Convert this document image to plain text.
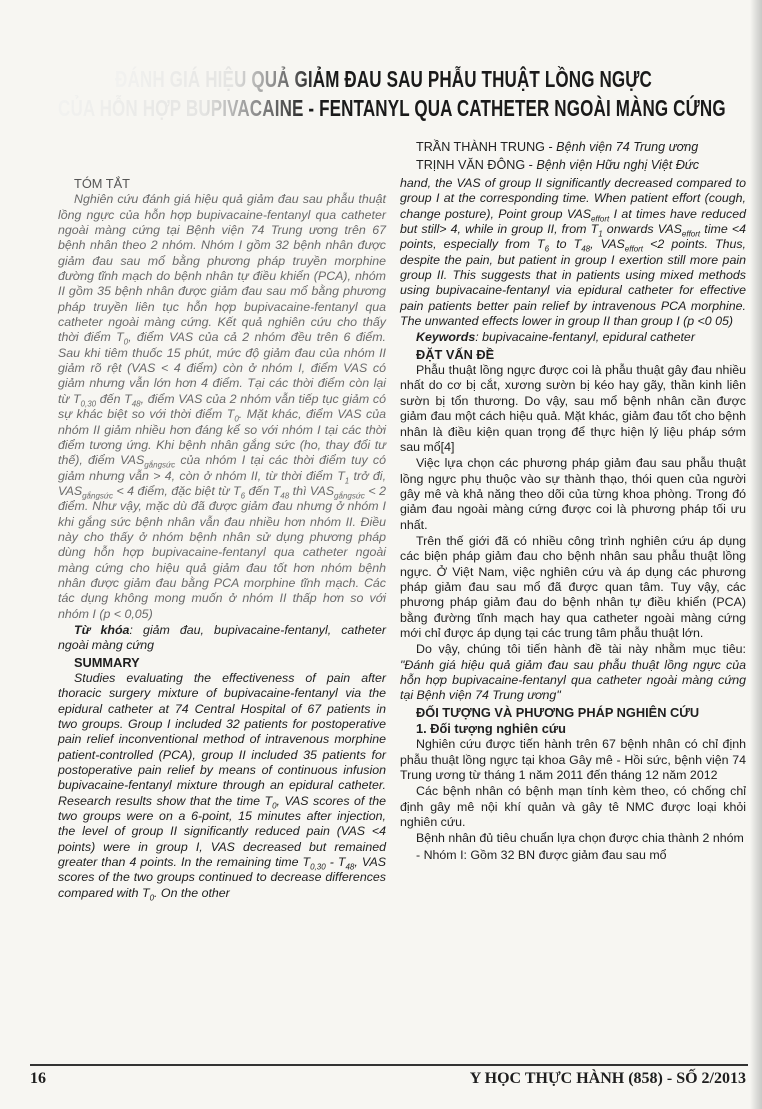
ĐÁNH GIÁ HIỆU QUẢ GIẢM ĐAU SAU PHẪU THUẬT LỒNG NGỰC
CỦA HỖN HỢP BUPIVACAINE - FENTANYL QUA CATHETER NGOÀI MÀNG CỨNG
TRẦN THÀNH TRUNG - Bệnh viện 74 Trung ương
TRỊNH VĂN ĐÔNG - Bệnh viện Hữu nghị Việt Đức

TÓM TẮT

Nghiên cứu đánh giá hiệu quả giảm đau sau phẫu thuật lồng ngực của hỗn hợp bupivacaine-fentanyl qua catheter ngoài màng cứng tại Bệnh viện 74 Trung ương trên 67 bệnh nhân theo 2 nhóm. Nhóm I gồm 32 bệnh nhân được giảm đau sau mổ bằng phương pháp truyền morphine đường tĩnh mạch do bệnh nhân tự điều khiển (PCA), nhóm II gồm 35 bệnh nhân được giảm đau sau mổ bằng phương pháp truyền liên tục hỗn hợp bupivacaine-fentanyl qua catheter ngoài màng cứng. Kết quả nghiên cứu cho thấy thời điểm $T_0$, điểm VAS của cả 2 nhóm đều trên 6 điểm. Sau khi tiêm thuốc 15 phút, mức độ giảm đau của nhóm II giảm rõ rệt (VAS < 4 điểm) còn ở nhóm I, điểm VAS có giảm nhưng vẫn lớn hơn 4 điểm. Tại các thời điểm còn lại từ $T_{0,30}$ đến $T_{48}$, điểm VAS của 2 nhóm vẫn tiếp tục giảm có sự khác biệt so với thời điểm $T_0$. Mặt khác, điểm VAS của nhóm II giảm nhiều hơn đáng kể so với nhóm I tại các thời điểm tương ứng. Khi bệnh nhân gắng sức (ho, thay đổi tư thế), điểm $VAS_{gắngsức}$ của nhóm I tại các thời điểm tuy có giảm nhưng vẫn > 4, còn ở nhóm II, từ thời điểm $T_1$ trở đi, $VAS_{gắngsức} < 4$ điểm, đặc biệt từ $T_6$ đến $T_{48}$ thì $VAS_{gắngsức} < 2$ điểm. Như vậy, mặc dù đã được giảm đau nhưng ở nhóm I khi gắng sức bệnh nhân vẫn đau nhiều hơn nhóm II. Điều này cho thấy ở nhóm bệnh nhân sử dụng phương pháp dùng hỗn hợp bupivacaine-fentanyl qua catheter ngoài màng cứng cho hiệu quả giảm đau tốt hơn nhóm bệnh nhân được giảm đau bằng PCA morphine tĩnh mạch. Các tác dụng không mong muốn ở nhóm II thấp hơn so với nhóm I (p < 0,05)

Từ khóa: giảm đau, bupivacaine-fentanyl, catheter ngoài màng cứng

SUMMARY

Studies evaluating the effectiveness of pain after thoracic surgery mixture of bupivacaine-fentanyl via the epidural catheter at 74 Central Hospital of 67 patients in two groups. Group I included 32 patients for postoperative pain relief inconventional method of intravenous morphine patient-controlled (PCA), group II included 35 patients for postoperative pain relief by means of continuous infusion bupivacaine-fentanyl mixture through an epidural catheter. Research results show that the time $T_0$, VAS scores of the two groups were on a 6-point, 15 minutes after injection, the level of group II significantly reduced pain (VAS <4 points) were in group I, VAS decreased but remained greater than 4 points. In the remaining time $T_{0,30} - T_{48}$, VAS scores of the two groups continued to decrease differences compared with $T_0$. On the other

hand, the VAS of group II significantly decreased compared to group I at the corresponding time. When patient effort (cough, change posture), Point group $VAS_{effort}$ I at times have reduced but still> 4, while in group II, from $T_1$ onwards $VAS_{effort}$ time <4 points, especially from $T_6$ to $T_{48}$, $VAS_{effort} <2$ points. Thus, despite the pain, but patient in group I exertion still more pain group II. This suggests that in patients using mixed methods using bupivacaine-fentanyl via epidural catheter for effective pain patients better pain relief by intravenous PCA morphine. The unwanted effects lower in group II than group I (p <0 05)

Keywords: bupivacaine-fentanyl, epidural catheter

ĐẶT VẤN ĐỀ

Phẫu thuật lồng ngực được coi là phẫu thuật gây đau nhiều nhất do cơ bị cắt, xương sườn bị kéo hay gãy, thần kinh liên sườn bị tổn thương. Do vậy, sau mổ bệnh nhân cần được giảm đau một cách hiệu quả. Mặt khác, giảm đau tốt cho bệnh nhân là điều kiện quan trọng để thực hiện lý liệu pháp sớm sau mổ[4]

Việc lựa chọn các phương pháp giảm đau sau phẫu thuật lồng ngực phụ thuộc vào sự thành thạo, thói quen của người gây mê và khả năng theo dõi của từng khoa phòng. Trong đó giảm đau ngoài màng cứng được coi là phương pháp tối ưu nhất.

Trên thế giới đã có nhiều công trình nghiên cứu áp dụng các biện pháp giảm đau cho bệnh nhân sau phẫu thuật lồng ngực. Ở Việt Nam, việc nghiên cứu và áp dụng các phương pháp giảm đau sau mổ đã được quan tâm. Tuy vậy, các phương pháp giảm đau do bệnh nhân tự điều khiển (PCA) bằng đường tĩnh mạch hay qua catheter ngoài màng cứng mới chỉ được áp dụng tại các trung tâm phẫu thuật lớn.

Do vậy, chúng tôi tiến hành đề tài này nhằm mục tiêu: "Đánh giá hiệu quả giảm đau sau phẫu thuật lồng ngực của hỗn hợp bupivacaine-fentanyl qua catheter ngoài màng cứng tại Bệnh viện 74 Trung ương"

ĐỐI TƯỢNG VÀ PHƯƠNG PHÁP NGHIÊN CỨU

1. Đối tượng nghiên cứu

Nghiên cứu được tiến hành trên 67 bệnh nhân có chỉ định phẫu thuật lồng ngực tại khoa Gây mê - Hồi sức, bệnh viện 74 Trung ương từ tháng 1 năm 2011 đến tháng 12 năm 2012

Các bệnh nhân có bệnh mạn tính kèm theo, có chống chỉ định gây mê nội khí quản và gây tê NMC được loại khỏi nghiên cứu.

Bệnh nhân đủ tiêu chuẩn lựa chọn được chia thành 2 nhóm

- Nhóm I: Gồm 32 BN được giảm đau sau mổ

16	Y HỌC THỰC HÀNH (858) - SỐ 2/2013
